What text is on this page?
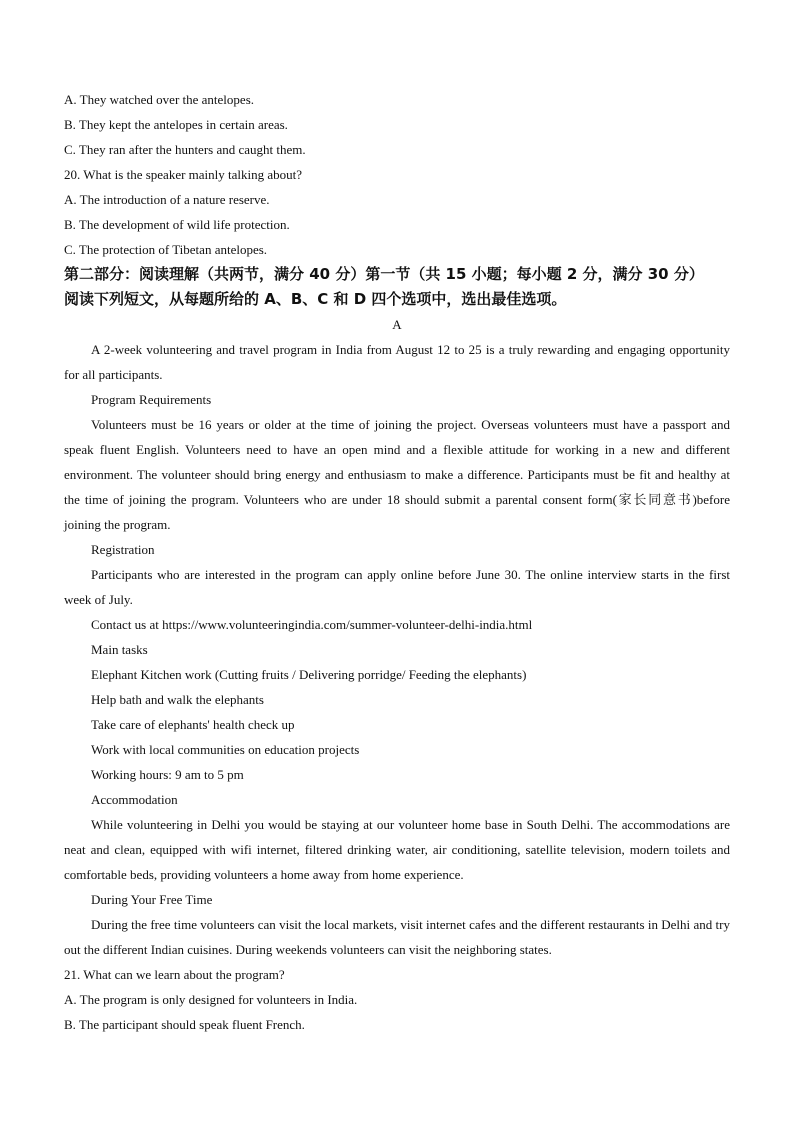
A. They watched over the antelopes.
B. They kept the antelopes in certain areas.
C. They ran after the hunters and caught them.
20. What is the speaker mainly talking about?
A. The introduction of a nature reserve.
B. The development of wild life protection.
C. The protection of Tibetan antelopes.
第二部分：阅读理解（共两节，满分 40 分）第一节（共 15 小题；每小题 2 分，满分 30 分）
阅读下列短文，从每题所给的 A、B、C 和 D 四个选项中，选出最佳选项。
A
A 2-week volunteering and travel program in India from August 12 to 25 is a truly rewarding and engaging opportunity for all participants.
Program Requirements
Volunteers must be 16 years or older at the time of joining the project. Overseas volunteers must have a passport and speak fluent English. Volunteers need to have an open mind and a flexible attitude for working in a new and different environment. The volunteer should bring energy and enthusiasm to make a difference. Participants must be fit and healthy at the time of joining the program. Volunteers who are under 18 should submit a parental consent form(家长同意书)before joining the program.
Registration
Participants who are interested in the program can apply online before June 30. The online interview starts in the first week of July.
Contact us at https://www.volunteeringindia.com/summer-volunteer-delhi-india.html
Main tasks
Elephant Kitchen work (Cutting fruits / Delivering porridge/ Feeding the elephants)
Help bath and walk the elephants
Take care of elephants' health check up
Work with local communities on education projects
Working hours: 9 am to 5 pm
Accommodation
While volunteering in Delhi you would be staying at our volunteer home base in South Delhi. The accommodations are neat and clean, equipped with wifi internet, filtered drinking water, air conditioning, satellite television, modern toilets and comfortable beds, providing volunteers a home away from home experience.
During Your Free Time
During the free time volunteers can visit the local markets, visit internet cafes and the different restaurants in Delhi and try out the different Indian cuisines. During weekends volunteers can visit the neighboring states.
21. What can we learn about the program?
A. The program is only designed for volunteers in India.
B. The participant should speak fluent French.
